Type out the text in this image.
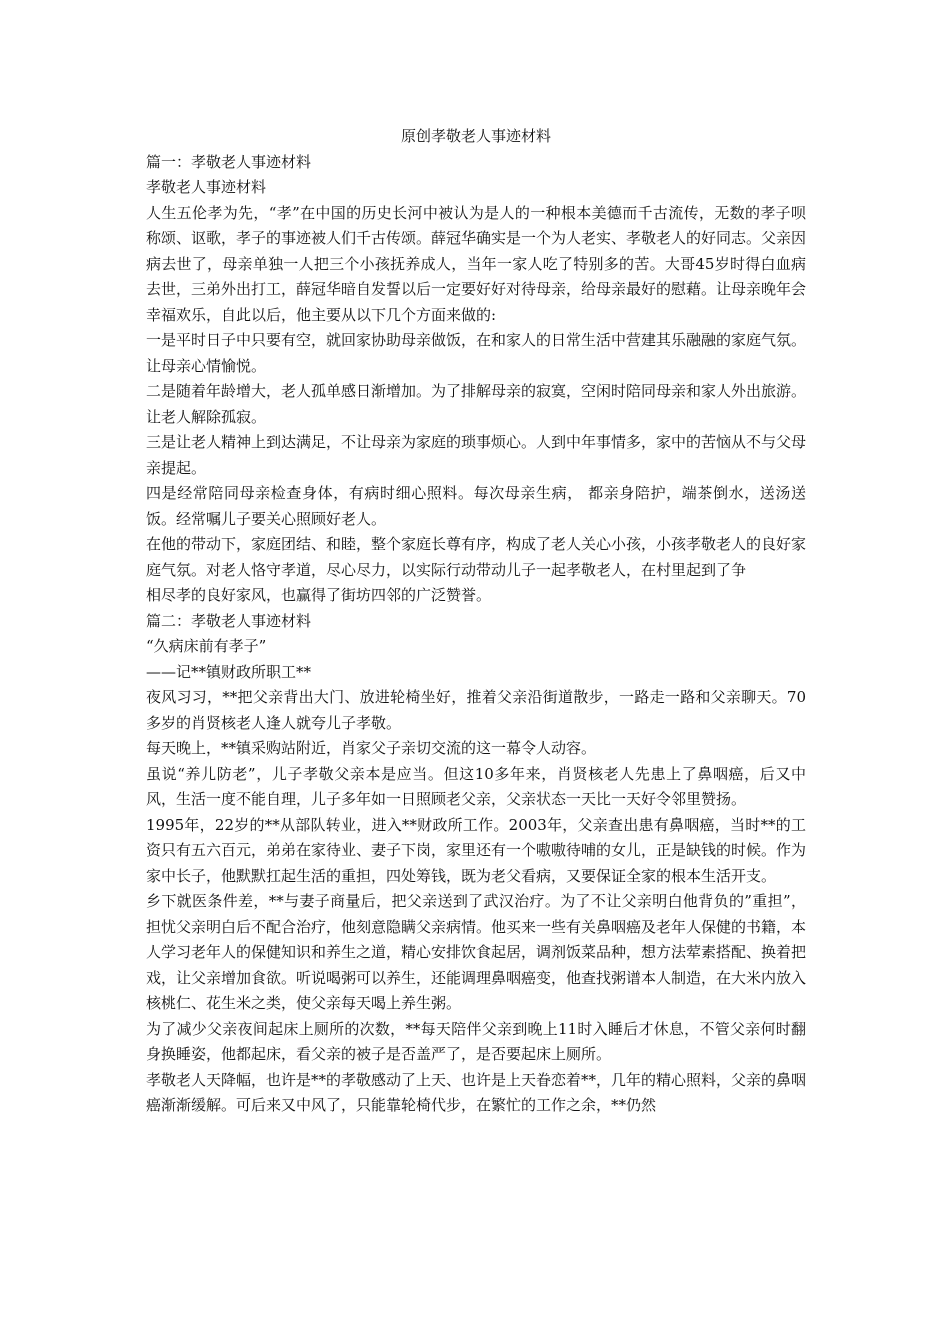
原创孝敬老人事迹材料

篇一：孝敬老人事迹材料

孝敬老人事迹材料

人生五伦孝为先，“孝”在中国的历史长河中被认为是人的一种根本美德而千古流传，无数的孝子呗称颂、讴歌，孝子的事迹被人们千古传颂。薛冠华确实是一个为人老实、孝敬老人的好同志。父亲因病去世了，母亲单独一人把三个小孩抚养成人，当年一家人吃了特别多的苦。大哥45岁时得白血病去世，三弟外出打工，薛冠华暗自发誓以后一定要好好对待母亲，给母亲最好的慰藉。让母亲晚年会幸福欢乐，自此以后，他主要从以下几个方面来做的:

一是平时日子中只要有空，就回家协助母亲做饭，在和家人的日常生活中营建其乐融融的家庭气氛。让母亲心情愉悦。

二是随着年龄增大，老人孤单感日渐增加。为了排解母亲的寂寞，空闲时陪同母亲和家人外出旅游。让老人解除孤寂。

三是让老人精神上到达满足，不让母亲为家庭的琐事烦心。人到中年事情多，家中的苦恼从不与父母亲提起。

四是经常陪同母亲检查身体，有病时细心照料。每次母亲生病， 都亲身陪护，端茶倒水，送汤送饭。经常嘱儿子要关心照顾好老人。

在他的带动下，家庭团结、和睦，整个家庭长尊有序，构成了老人关心小孩，小孩孝敬老人的良好家庭气氛。对老人恪守孝道，尽心尽力，以实际行动带动儿子一起孝敬老人，在村里起到了争

相尽孝的良好家风，也赢得了街坊四邻的广泛赞誉。

篇二：孝敬老人事迹材料

“久病床前有孝子”

——记**镇财政所职工**

夜风习习，**把父亲背出大门、放进轮椅坐好，推着父亲沿街道散步，一路走一路和父亲聊天。70多岁的肖贤核老人逢人就夸儿子孝敬。

每天晚上，**镇采购站附近，肖家父子亲切交流的这一幕令人动容。

虽说“养儿防老”，儿子孝敬父亲本是应当。但这10多年来，肖贤核老人先患上了鼻咽癌，后又中风，生活一度不能自理，儿子多年如一日照顾老父亲，父亲状态一天比一天好令邻里赞扬。

1995年，22岁的**从部队转业，进入**财政所工作。2003年，父亲查出患有鼻咽癌，当时**的工资只有五六百元，弟弟在家待业、妻子下岗，家里还有一个嗷嗷待哺的女儿，正是缺钱的时候。作为家中长子，他默默扛起生活的重担，四处筹钱，既为老父看病，又要保证全家的根本生活开支。

乡下就医条件差，**与妻子商量后，把父亲送到了武汉治疗。为了不让父亲明白他背负的”重担”，担忧父亲明白后不配合治疗，他刻意隐瞒父亲病情。他买来一些有关鼻咽癌及老年人保健的书籍，本人学习老年人的保健知识和养生之道，精心安排饮食起居，调剂饭菜品种，想方法荤素搭配、换着把戏，让父亲增加食欲。听说喝粥可以养生，还能调理鼻咽癌变，他查找粥谱本人制造，在大米内放入核桃仁、花生米之类，使父亲每天喝上养生粥。

为了减少父亲夜间起床上厕所的次数，**每天陪伴父亲到晚上11时入睡后才休息，不管父亲何时翻身换睡姿，他都起床，看父亲的被子是否盖严了，是否要起床上厕所。

孝敬老人天降幅，也许是**的孝敬感动了上天、也许是上天眷恋着**，几年的精心照料，父亲的鼻咽癌渐渐缓解。可后来又中风了，只能靠轮椅代步，在繁忙的工作之余，**仍然
